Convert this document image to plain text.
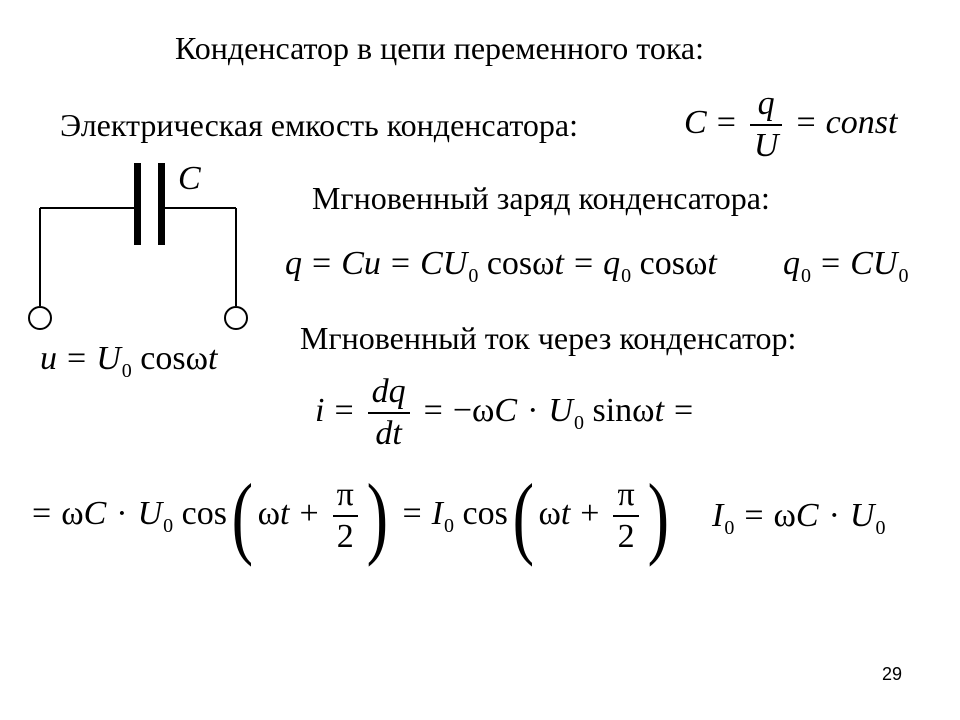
Конденсатор в цепи переменного тока:
Электрическая емкость конденсатора:	$C = \frac{q}{U}$ = const
C
$u = U_0$ cosωt
Мгновенный заряд конденсатора:
$q = Cu = CU_0$ $\cos\omega t = q_0$ cosωt $q_0 = CU_0$
Мгновенный ток через конденсатор:
$i = \frac{dq}{dt} = -\omega C \cdot U_0$ sinωt =
= $\omega C \cdot U_0$ cos( $\omega t + \frac{\pi}{2}$ ) = $I_0$ cos( $\omega t + \frac{\pi}{2}$ ) $I_0 = \omega C \cdot U_0$
29
